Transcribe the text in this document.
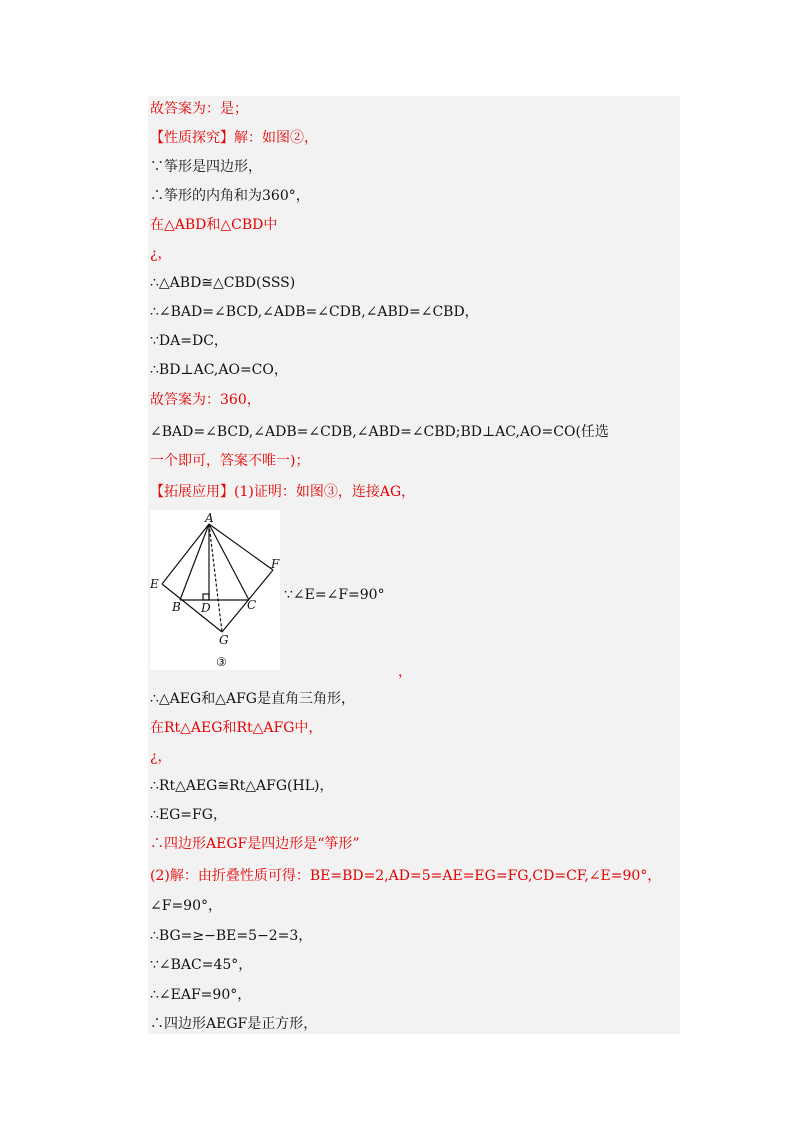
故答案为：是；
【性质探究】解：如图②，
∵筝形是四边形，
∴筝形的内角和为360°，
在△ABD和△CBD中
¿，
∴△ABD≅△CBD(SSS)
∴∠BAD=∠BCD,∠ADB=∠CDB,∠ABD=∠CBD，
∵DA=DC，
∴BD⊥AC,AO=CO，
故答案为：360，
∠BAD=∠BCD,∠ADB=∠CDB,∠ABD=∠CBD;BD⊥AC,AO=CO(任选
一个即可，答案不唯一)；
【拓展应用】(1)证明：如图③，连接AG，
A
E
F
B D	C
G
③
∵∠E=∠F=90°
，
∴△AEG和△AFG是直角三角形，
在Rt△AEG和Rt△AFG中，
¿，
∴Rt△AEG≅Rt△AFG(HL)，
∴EG=FG，
∴四边形AEGF是四边形是“筝形”
(2)解：由折叠性质可得：BE=BD=2,AD=5=AE=EG=FG,CD=CF,∠E=90°，
∠F=90°，
∴BG=≥−BE=5−2=3，
∵∠BAC=45°，
∴∠EAF=90°，
∴四边形AEGF是正方形，
